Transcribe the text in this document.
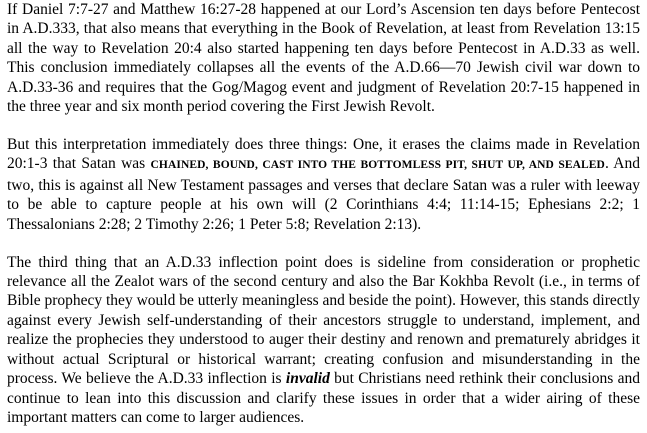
If Daniel 7:7-27 and Matthew 16:27-28 happened at our Lord’s Ascension ten days before Pentecost in A.D.333, that also means that everything in the Book of Revelation, at least from Revelation 13:15 all the way to Revelation 20:4 also started happening ten days before Pentecost in A.D.33 as well. This conclusion immediately collapses all the events of the A.D.66—70 Jewish civil war down to A.D.33-36 and requires that the Gog/Magog event and judgment of Revelation 20:7-15 happened in the three year and six month period covering the First Jewish Revolt.

But this interpretation immediately does three things: One, it erases the claims made in Revelation 20:1-3 that Satan was CHAINED, BOUND, CAST INTO THE BOTTOMLESS PIT, SHUT UP, AND SEALED. And two, this is against all New Testament passages and verses that declare Satan was a ruler with leeway to be able to capture people at his own will (2 Corinthians 4:4; 11:14-15; Ephesians 2:2; 1 Thessalonians 2:28; 2 Timothy 2:26; 1 Peter 5:8; Revelation 2:13).

The third thing that an A.D.33 inflection point does is sideline from consideration or prophetic relevance all the Zealot wars of the second century and also the Bar Kokhba Revolt (i.e., in terms of Bible prophecy they would be utterly meaningless and beside the point). However, this stands directly against every Jewish self-understanding of their ancestors struggle to understand, implement, and realize the prophecies they understood to auger their destiny and renown and prematurely abridges it without actual Scriptural or historical warrant; creating confusion and misunderstanding in the process. We believe the A.D.33 inflection is invalid but Christians need rethink their conclusions and continue to lean into this discussion and clarify these issues in order that a wider airing of these important matters can come to larger audiences.
